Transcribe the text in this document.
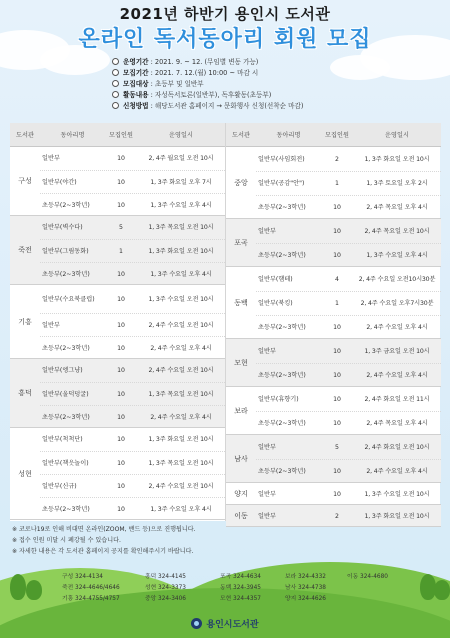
2021년 하반기 용인시 도서관
온라인 독서동아리 회원 모집
운영기간 : 2021. 9. ~ 12. (무임별 변동 가능)
모집기간 : 2021. 7. 12.(월) 10:00 ~ 마감 시
모집대상 : 초등부 및 일반부
활동내용 : 자성독서토론(일반부), 독후활동(초등부)
신청방법 : 해당도서관 홈페이지 → 문화행사 신청(선착순 마감)
도서관	동아리명	모집인원	운영일시
구성
일반부	10	2, 4주 월요일 오전 10시
일반부(야간)	10	1, 3주 화요일 오후 7시
초등부(2~3학년)	10	1, 3주 수요일 오후 4시
죽전
일반부(벽수다)	5	1, 3주 목요일 오전 10시
일반부(그림동화)	1	1, 3주 화요일 오전 10시
초등부(2~3학년)	10	1, 3주 수요일 오후 4시
기흥
일반부(수요북클럽)	10	1, 3주 수요일 오전 10시
일반부	10	2, 4주 수요일 오전 10시
초등부(2~3학년)	10	2, 4주 수요일 오후 4시
흥덕
일반부(엥그냥)	10	2, 4주 수요일 오전 10시
일반부(울덕덩굴)	10	1, 3주 목요일 오전 10시
초등부(2~3학년)	10	2, 4주 수요일 오후 4시
성현
일반부(척척단)	10	1, 3주 화요일 오전 10시
일반부(책읏놀이)	10	1, 3주 목요일 오전 10시
일반부(신규)	10	2, 4주 수요일 오전 10시
초등부(2~3학년)	10	1, 3주 수요일 오후 4시
도서관	동아리명	모집인원	운영일시
중앙
일반부(사임회전)	2	1, 3주 화요일 오전 10시
일반부(공감"안")	1	1, 3주 토요일 오후 2시
초등부(2~3학년)	10	2, 4주 목요일 오후 4시
포곡
일반부	10	2, 4주 목요일 오전 10시
초등부(2~3학년)	10	1, 3주 수요일 오후 4시
동백
일반부(햄테)	4	2, 4주 수요일 오전10시30분
일반부(북킹)	1	2, 4주 수요일 오후7시30분
초등부(2~3학년)	10	2, 4주 수요일 오후 4시
모현
일반부	10	1, 3주 금요일 오전 10시
초등부(2~3학년)	10	2, 4주 수요일 오후 4시
보라
일반부(휴향기)	10	2, 4주 화요일 오전 11시
초등부(2~3학년)	10	2, 4주 목요일 오후 4시
남사
일반부	5	2, 4주 화요일 오전 10시
초등부(2~3학년)	10	2, 4주 수요일 오후 4시
양지	일반부	10	1, 3주 수요일 오전 10시
이동	일반부	2	1, 3주 화요일 오전 10시
※ 코로나19로 인해 비대면 온라인(ZOOM, 밴드 등)으로 진행됩니다.
※ 접수 인원 미달 시 폐강될 수 있습니다.
※ 자세한 내용은 각 도서관 홈페이지 공지를 확인해주시기 바랍니다.
구성 324-4134	흥덕 324-4145	포곡 324-4634	보라 324-4332	이동 324-4680
죽전 324-4646/4646	성현 324-3373	동백 324-3945	남사 324-4738
기흥 324-4755/4757	중앙 324-3406	모현 324-4357	양지 324-4626
용인시도서관
